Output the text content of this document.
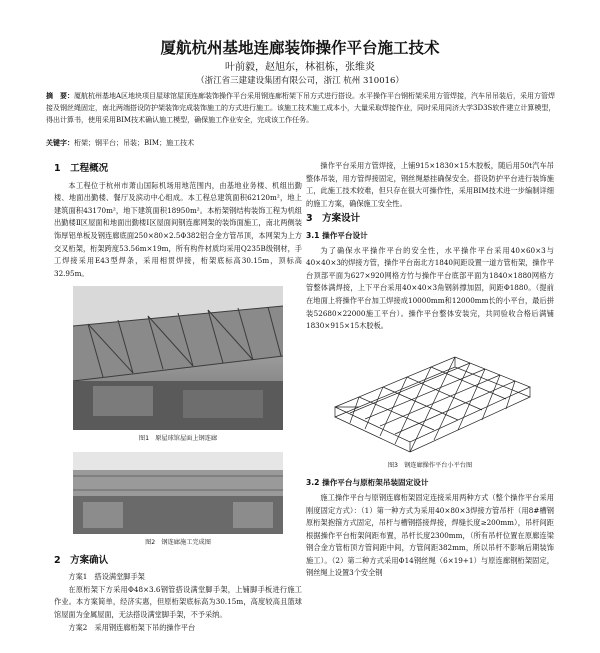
厦航杭州基地连廊装饰操作平台施工技术
叶前毅，赵旭东，林祖栋，张维炎
（浙江省三建建设集团有限公司，浙江 杭州 310016）
摘　要：厦航杭州基地A区地块项目屋球馆屋顶连廊装饰操作平台采用钢连廊桁架下吊方式进行搭设。水平操作平台钢桁架采用方管焊接，汽车吊吊装后，采用方管焊接及钢丝绳固定，南北两端搭设防护架装饰完成装饰施工的方式进行施工。该施工技术施工成本小，大量采取焊接作业，同时采用同济大学3D3S软件建立计算模型，得出计算书，使用采用BIM技术确认施工模型，确保施工作业安全，完成该工作任务。
关键字：桁架；钢平台；吊装；BIM；施工技术
1　工程概况

本工程位于杭州市萧山国际机场用地范围内，由基地业务楼、机组出勤楼、地面出勤楼、餐厅及滨动中心组成。本工程总建筑面积62120m²，地上建筑面积43170m²，地下建筑面积18950m²。本桁架钢结构装饰工程为机组出勤楼Ⅱ区屋面和地面出勤楼Ⅰ区屋面间钢连廊网架的装饰面施工，南北两侧装饰厚铝单板及钢连廊底面250×80×2.5Φ382铝合金方管吊顶，本网架为上方交叉桁架，桁架跨度53.56m×19m，所有构件材质均采用Q235B级钢材，手工焊接采用E43型焊条，采用相贯焊接，桁架底标高30.15m，顶标高32.95m。

图1　原屋球馆屋面上钢连廊
图2　钢连廊施工完成图
2　方案确认

方案1　搭设满堂脚手架

在原桁架下方采用Φ48×3.6钢管搭设满堂脚手架，上铺脚手板进行施工作业。本方案简单，经济实惠，但原桁架底标高为30.15m，高度较高且篮球馆屋面为金属屋面，无法搭设满堂脚手架，不予采纳。

方案2　采用钢连廊桁架下吊的操作平台

操作平台采用方管焊接，上铺915×1830×15木胶板，随后用50t汽车吊整体吊装，用方管焊接固定，钢丝绳悬挂确保安全。搭设防护平台进行装饰施工，此施工技术较难，但只存在很大可操作性，采用BIM技术进一步编制详细的施工方案，确保施工安全性。

3　方案设计
3.1 操作平台设计

为了确保水平操作平台的安全性，水平操作平台采用40×60×3与40×40×3的焊接方管，操作平台南北方1840间距设置一道方管桁架，操作平台顶部平面为627×920网格方竹与操作平台底部平面为1840×1880网格方管整体满焊接，上下平台采用40×40×3角钢斜撑加固，间距Φ1880。（提前在地面上将操作平台加工焊接成10000mm和12000mm长的小平台，最后拼装52680×22000施工平台）。操作平台整体安装完，共同验收合格后满铺1830×915×15木胶板。

图3　钢连廊操作平台小平台图
3.2 操作平台与原桁架吊装固定设计

施工操作平台与原钢连廊桁架固定连接采用两种方式（整个操作平台采用刚度固定方式）：（1）第一种方式为采用40×80×3焊接方管吊杆（用8#槽钢原桁架抱箍方式固定，吊杆与槽钢搭接焊接，焊缝长度≥200mm），吊杆间距根据操作平台桁架间距布置，吊杆长度2300mm，（所有吊杆位置在原廊连梁钢合金方管桁顶方管间距中间，方管间距382mm，所以吊杆不影响后期装饰施工）。（2）第二种方式采用Φ14钢丝绳（6×19+1）与原连廊钢桁架固定，钢丝绳上设置3个安全钢
